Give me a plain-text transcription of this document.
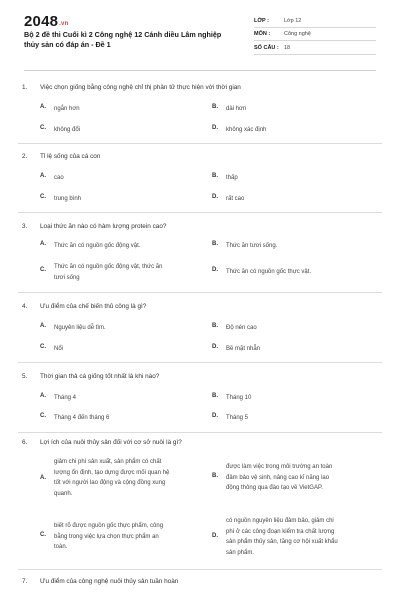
2048.vn
Bộ 2 đề thi Cuối kì 2 Công nghệ 12 Cánh diều Lâm nghiệp thủy sản có đáp án - Đề 1
LỚP :	Lớp 12
MÔN :	Công nghệ
SỐ CÂU : 18
1. Việc chọn giống bằng công nghệ chỉ thị phân tử thực hiện với thời gian
A. ngắn hơn	B. dài hơn
C. không đổi	D. không xác định
2. Tỉ lệ sống của cá con
A. cao	B. thấp
C. trung bình	D. rất cao
3. Loại thức ăn nào có hàm lượng protein cao?
A. Thức ăn có nguồn gốc động vật.	B. Thức ăn tươi sống.
C. Thức ăn có nguồn gốc động vật, thức ăn
tươi sống
D. Thức ăn có nguồn gốc thực vật.
4. Ưu điểm của chế biến thủ công là gì?
A. Nguyên liệu dễ tìm.	B. Độ nén cao
C. Nổi	D. Bề mặt nhẵn
5. Thời gian thả cá giống tốt nhất là khi nào?
A. Tháng 4	B. Tháng 10
C. Tháng 4 đến tháng 6	D. Tháng 5
6. Lợi ích của nuôi thủy sản đối với cơ sở nuôi là gì?
A.
giảm chi phí sản xuất, sản phẩm có chất
lượng ổn định, tạo dựng được mối quan hệ
tốt với người lao động và cộng đồng xung
quanh.
B.
được làm việc trong môi trường an toàn
đảm bảo vệ sinh, nâng cao kĩ năng lao
động thông qua đào tạo về VietGAP.
C.
biết rõ được nguồn gốc thực phẩm, công
bằng trong việc lựa chọn thực phẩm an
toàn.
D.
có nguồn nguyên liệu đảm bảo, giảm chi
phí ở các công đoạn kiểm tra chất lượng
sản phẩm thủy sản, tăng cơ hội xuất khẩu
sản phẩm.
7. Ưu điểm của công nghệ nuôi thủy sản tuần hoàn
